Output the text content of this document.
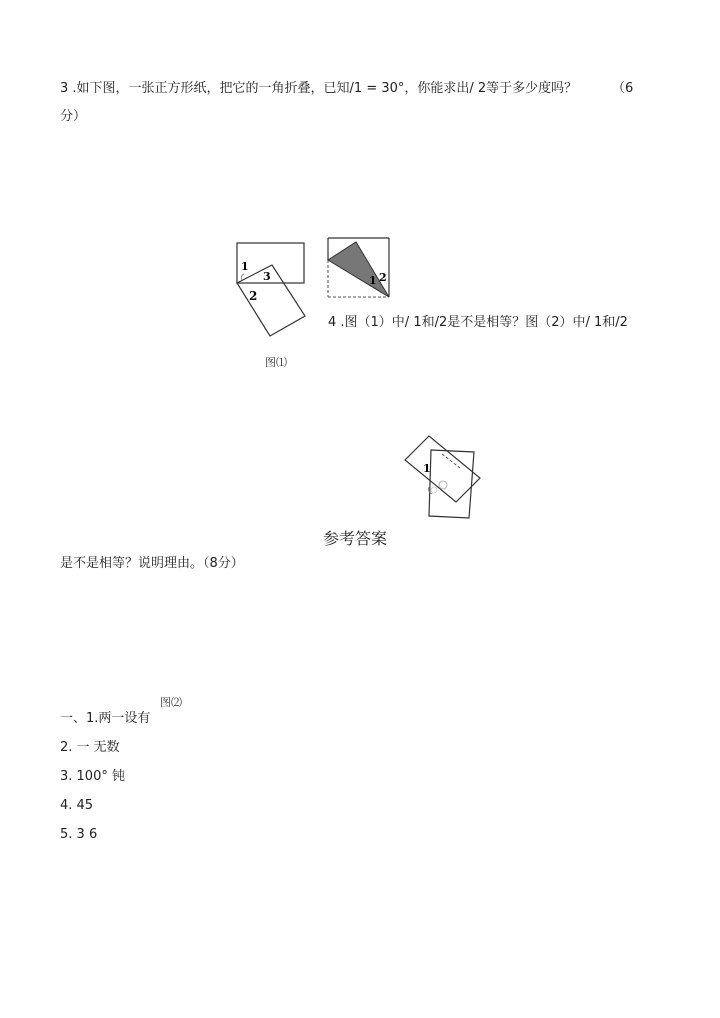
3 .如下图，一张正方形纸，把它的一角折叠，已知/1 = 30°，你能求出/ 2等于多少度吗？	（6
分）
1
3
2
图⑴
1 2
4 .图（1）中/ 1和/2是不是相等？图（2）中/ 1和/2
1
参考答案
是不是相等？说明理由。（8分）
图⑵
一、1.两一设有
2. 一 无数
3. 100° 钝
4. 45
5. 3 6
